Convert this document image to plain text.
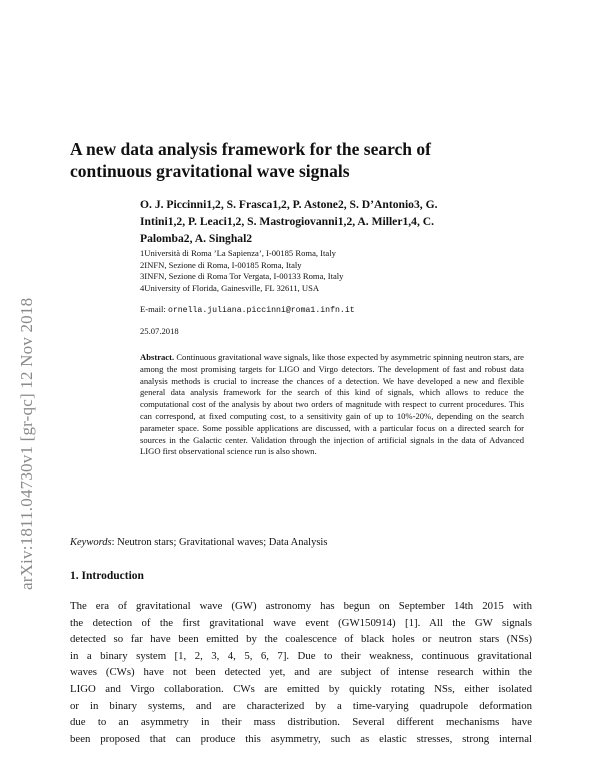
arXiv:1811.04730v1 [gr-qc] 12 Nov 2018
A new data analysis framework for the search of
continuous gravitational wave signals
O. J. Piccinni1,2, S. Frasca1,2, P. Astone2, S. D’Antonio3, G.
Intini1,2, P. Leaci1,2, S. Mastrogiovanni1,2, A. Miller1,4, C.
Palomba2, A. Singhal2
1Università di Roma ’La Sapienza’, I-00185 Roma, Italy
2INFN, Sezione di Roma, I-00185 Roma, Italy
3INFN, Sezione di Roma Tor Vergata, I-00133 Roma, Italy
4University of Florida, Gainesville, FL 32611, USA
E-mail: ornella.juliana.piccinni@roma1.infn.it
25.07.2018
Abstract. Continuous gravitational wave signals, like those expected by asymmetric spinning neutron stars, are among the most promising targets for LIGO and Virgo detectors. The development of fast and robust data analysis methods is crucial to increase the chances of a detection. We have developed a new and flexible general data analysis framework for the search of this kind of signals, which allows to reduce the computational cost of the analysis by about two orders of magnitude with respect to current procedures. This can correspond, at fixed computing cost, to a sensitivity gain of up to 10%-20%, depending on the search parameter space. Some possible applications are discussed, with a particular focus on a directed search for sources in the Galactic center. Validation through the injection of artificial signals in the data of Advanced LIGO first observational science run is also shown.
Keywords: Neutron stars; Gravitational waves; Data Analysis
1. Introduction
The era of gravitational wave (GW) astronomy has begun on September 14th 2015 with
the detection of the first gravitational wave event (GW150914) [1]. All the GW signals
detected so far have been emitted by the coalescence of black holes or neutron stars (NSs)
in a binary system [1, 2, 3, 4, 5, 6, 7]. Due to their weakness, continuous gravitational
waves (CWs) have not been detected yet, and are subject of intense research within the
LIGO and Virgo collaboration. CWs are emitted by quickly rotating NSs, either isolated
or in binary systems, and are characterized by a time-varying quadrupole deformation
due to an asymmetry in their mass distribution. Several different mechanisms have
been proposed that can produce this asymmetry, such as elastic stresses, strong internal
